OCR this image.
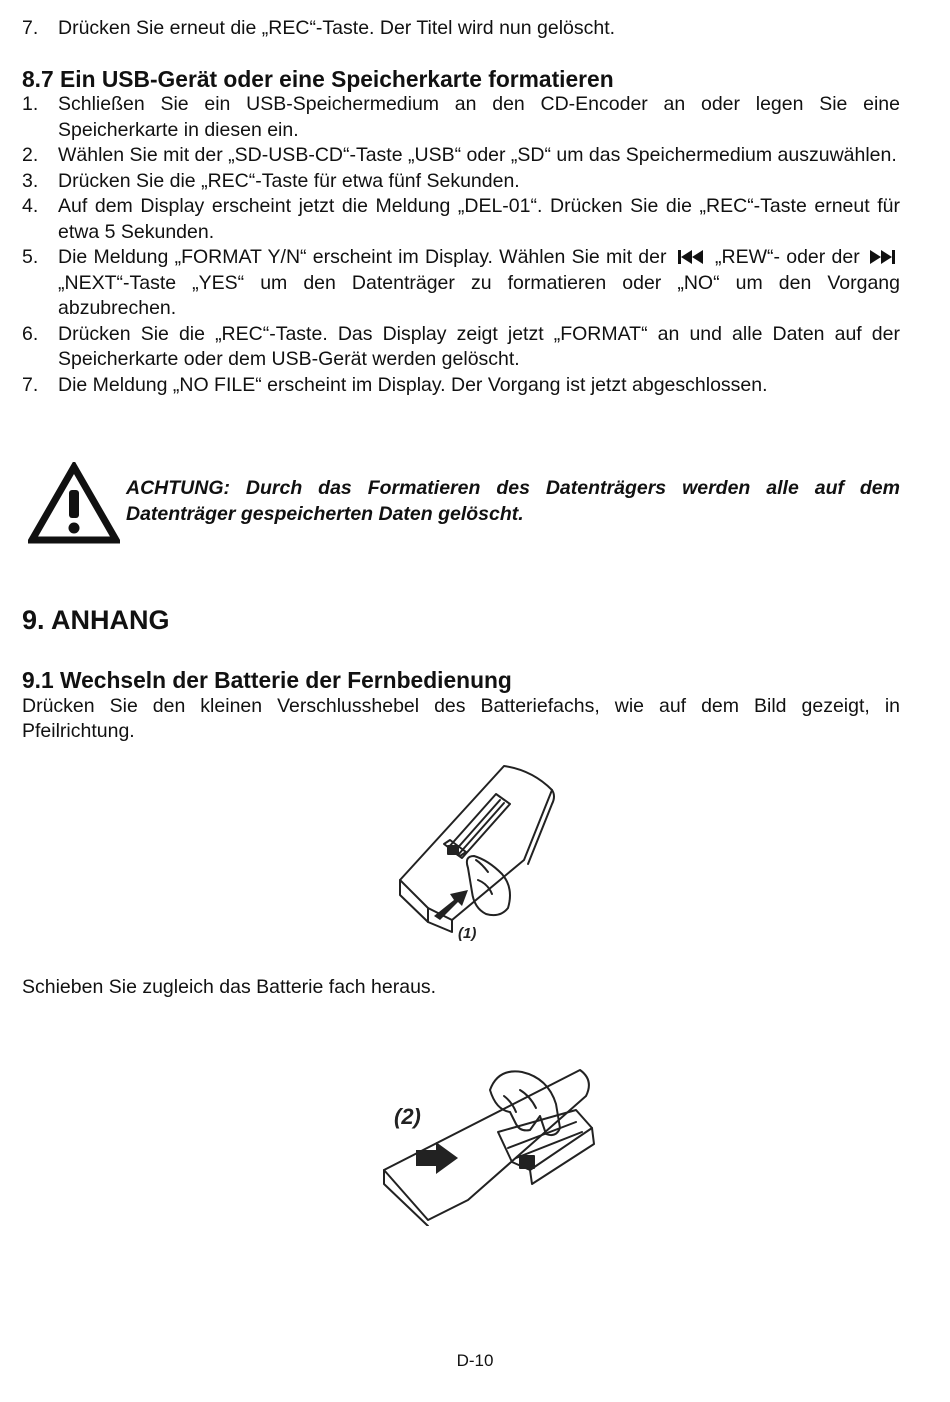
7. Drücken Sie erneut die „REC“-Taste. Der Titel wird nun gelöscht.
8.7 Ein USB-Gerät oder eine Speicherkarte formatieren
1. Schließen Sie ein USB-Speichermedium an den CD-Encoder an oder legen Sie eine Speicherkarte in diesen ein.
2. Wählen Sie mit der „SD-USB-CD“-Taste „USB“ oder „SD“ um das Speichermedium auszuwählen.
3. Drücken Sie die „REC“-Taste für etwa fünf Sekunden.
4. Auf dem Display erscheint jetzt die Meldung „DEL-01“. Drücken Sie die „REC“-Taste erneut für etwa 5 Sekunden.
5. Die Meldung „FORMAT Y/N“ erscheint im Display. Wählen Sie mit der „REW“- oder der  „NEXT“-Taste „YES“ um den Datenträger zu formatieren oder „NO“ um den Vorgang abzubrechen.
6. Drücken Sie die „REC“-Taste. Das Display zeigt jetzt „FORMAT“ an und alle Daten auf der Speicherkarte oder dem USB-Gerät werden gelöscht.
7. Die Meldung „NO FILE“ erscheint im Display. Der Vorgang ist jetzt abgeschlossen.
ACHTUNG: Durch das Formatieren des Datenträgers werden alle auf dem Datenträger gespeicherten Daten gelöscht.
9. ANHANG
9.1 Wechseln der Batterie der Fernbedienung

Drücken Sie den kleinen Verschlusshebel des Batteriefachs, wie auf dem Bild gezeigt, in Pfeilrichtung.

(1)

Schieben Sie zugleich das Batterie fach heraus.

(2)
D-10
